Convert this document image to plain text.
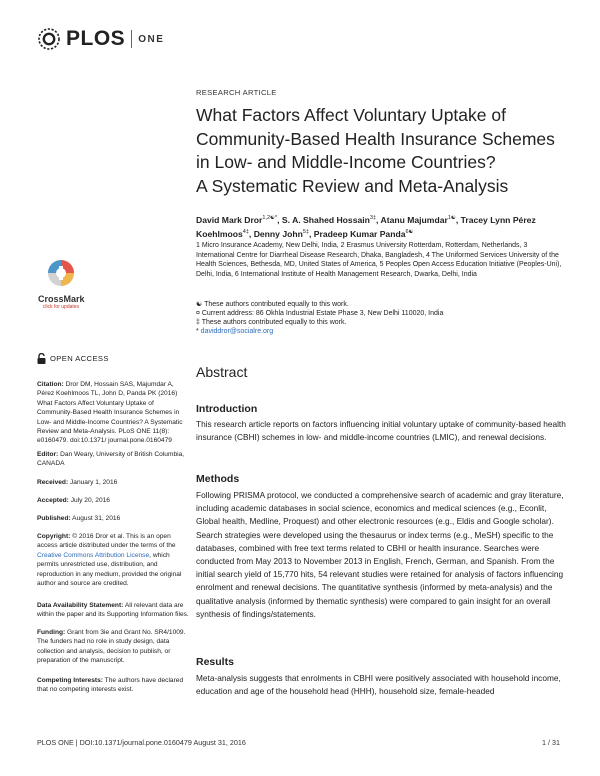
PLOS ONE
CrossMark
click for updates
OPEN ACCESS
Citation: Dror DM, Hossain SAS, Majumdar A, Pérez Koehlmoos TL, John D, Panda PK (2016) What Factors Affect Voluntary Uptake of Community-Based Health Insurance Schemes in Low- and Middle-Income Countries? A Systematic Review and Meta-Analysis. PLoS ONE 11(8): e0160479. doi:10.1371/ journal.pone.0160479
Editor: Dan Weary, University of British Columbia, CANADA
Received: January 1, 2016
Accepted: July 20, 2016
Published: August 31, 2016
Copyright: © 2016 Dror et al. This is an open access article distributed under the terms of the Creative Commons Attribution License, which permits unrestricted use, distribution, and reproduction in any medium, provided the original author and source are credited.
Data Availability Statement: All relevant data are within the paper and its Supporting Information files.
Funding: Grant from 3ie and Grant No. SR4/1009. The funders had no role in study design, data collection and analysis, decision to publish, or preparation of the manuscript.
Competing Interests: The authors have declared that no competing interests exist.
RESEARCH ARTICLE
What Factors Affect Voluntary Uptake of
Community-Based Health Insurance Schemes
in Low- and Middle-Income Countries?
A Systematic Review and Meta-Analysis
David Mark Dror$^{1,2☯*}$, S. A. Shahed Hossain$^{3\ddagger}$, Atanu Majumdar$^{1☯}$, Tracey Lynn Pérez
Koehlmoos$^{4\ddagger}$, Denny John$^{5\ddagger}$, Pradeep Kumar Panda$^{6☯}$
1 Micro Insurance Academy, New Delhi, India, 2 Erasmus University Rotterdam, Rotterdam, Netherlands, 3 International Centre for Diarrheal Disease Research, Dhaka, Bangladesh, 4 The Uniformed Services University of the Health Sciences, Bethesda, MD, United States of America, 5 Peoples Open Access Education Initiative (Peoples-Uni), Delhi, India, 6 International Institute of Health Management Research, Dwarka, Delhi, India
☯ These authors contributed equally to this work.
¤ Current address: 86 Okhla Industrial Estate Phase 3, New Delhi 110020, India
‡ These authors contributed equally to this work.
* daviddror@socialre.org
Abstract
Introduction
This research article reports on factors influencing initial voluntary uptake of community-based health insurance (CBHI) schemes in low- and middle-income countries (LMIC), and renewal decisions.
Methods
Following PRISMA protocol, we conducted a comprehensive search of academic and gray literature, including academic databases in social science, economics and medical sciences (e.g., Econlit, Global health, Medline, Proquest) and other electronic resources (e.g., Eldis and Google scholar). Search strategies were developed using the thesaurus or index terms (e.g., MeSH) specific to the databases, combined with free text terms related to CBHI or health insurance. Searches were conducted from May 2013 to November 2013 in English, French, German, and Spanish. From the initial search yield of 15,770 hits, 54 relevant studies were retained for analysis of factors influencing enrolment and renewal decisions. The quantitative synthesis (informed by meta-analysis) and the qualitative analysis (informed by thematic synthesis) were compared to gain insight for an overall synthesis of findings/statements.
Results
Meta-analysis suggests that enrolments in CBHI were positively associated with household income, education and age of the household head (HHH), household size, female-headed
PLOS ONE | DOI:10.1371/journal.pone.0160479 August 31, 2016	1 / 31
